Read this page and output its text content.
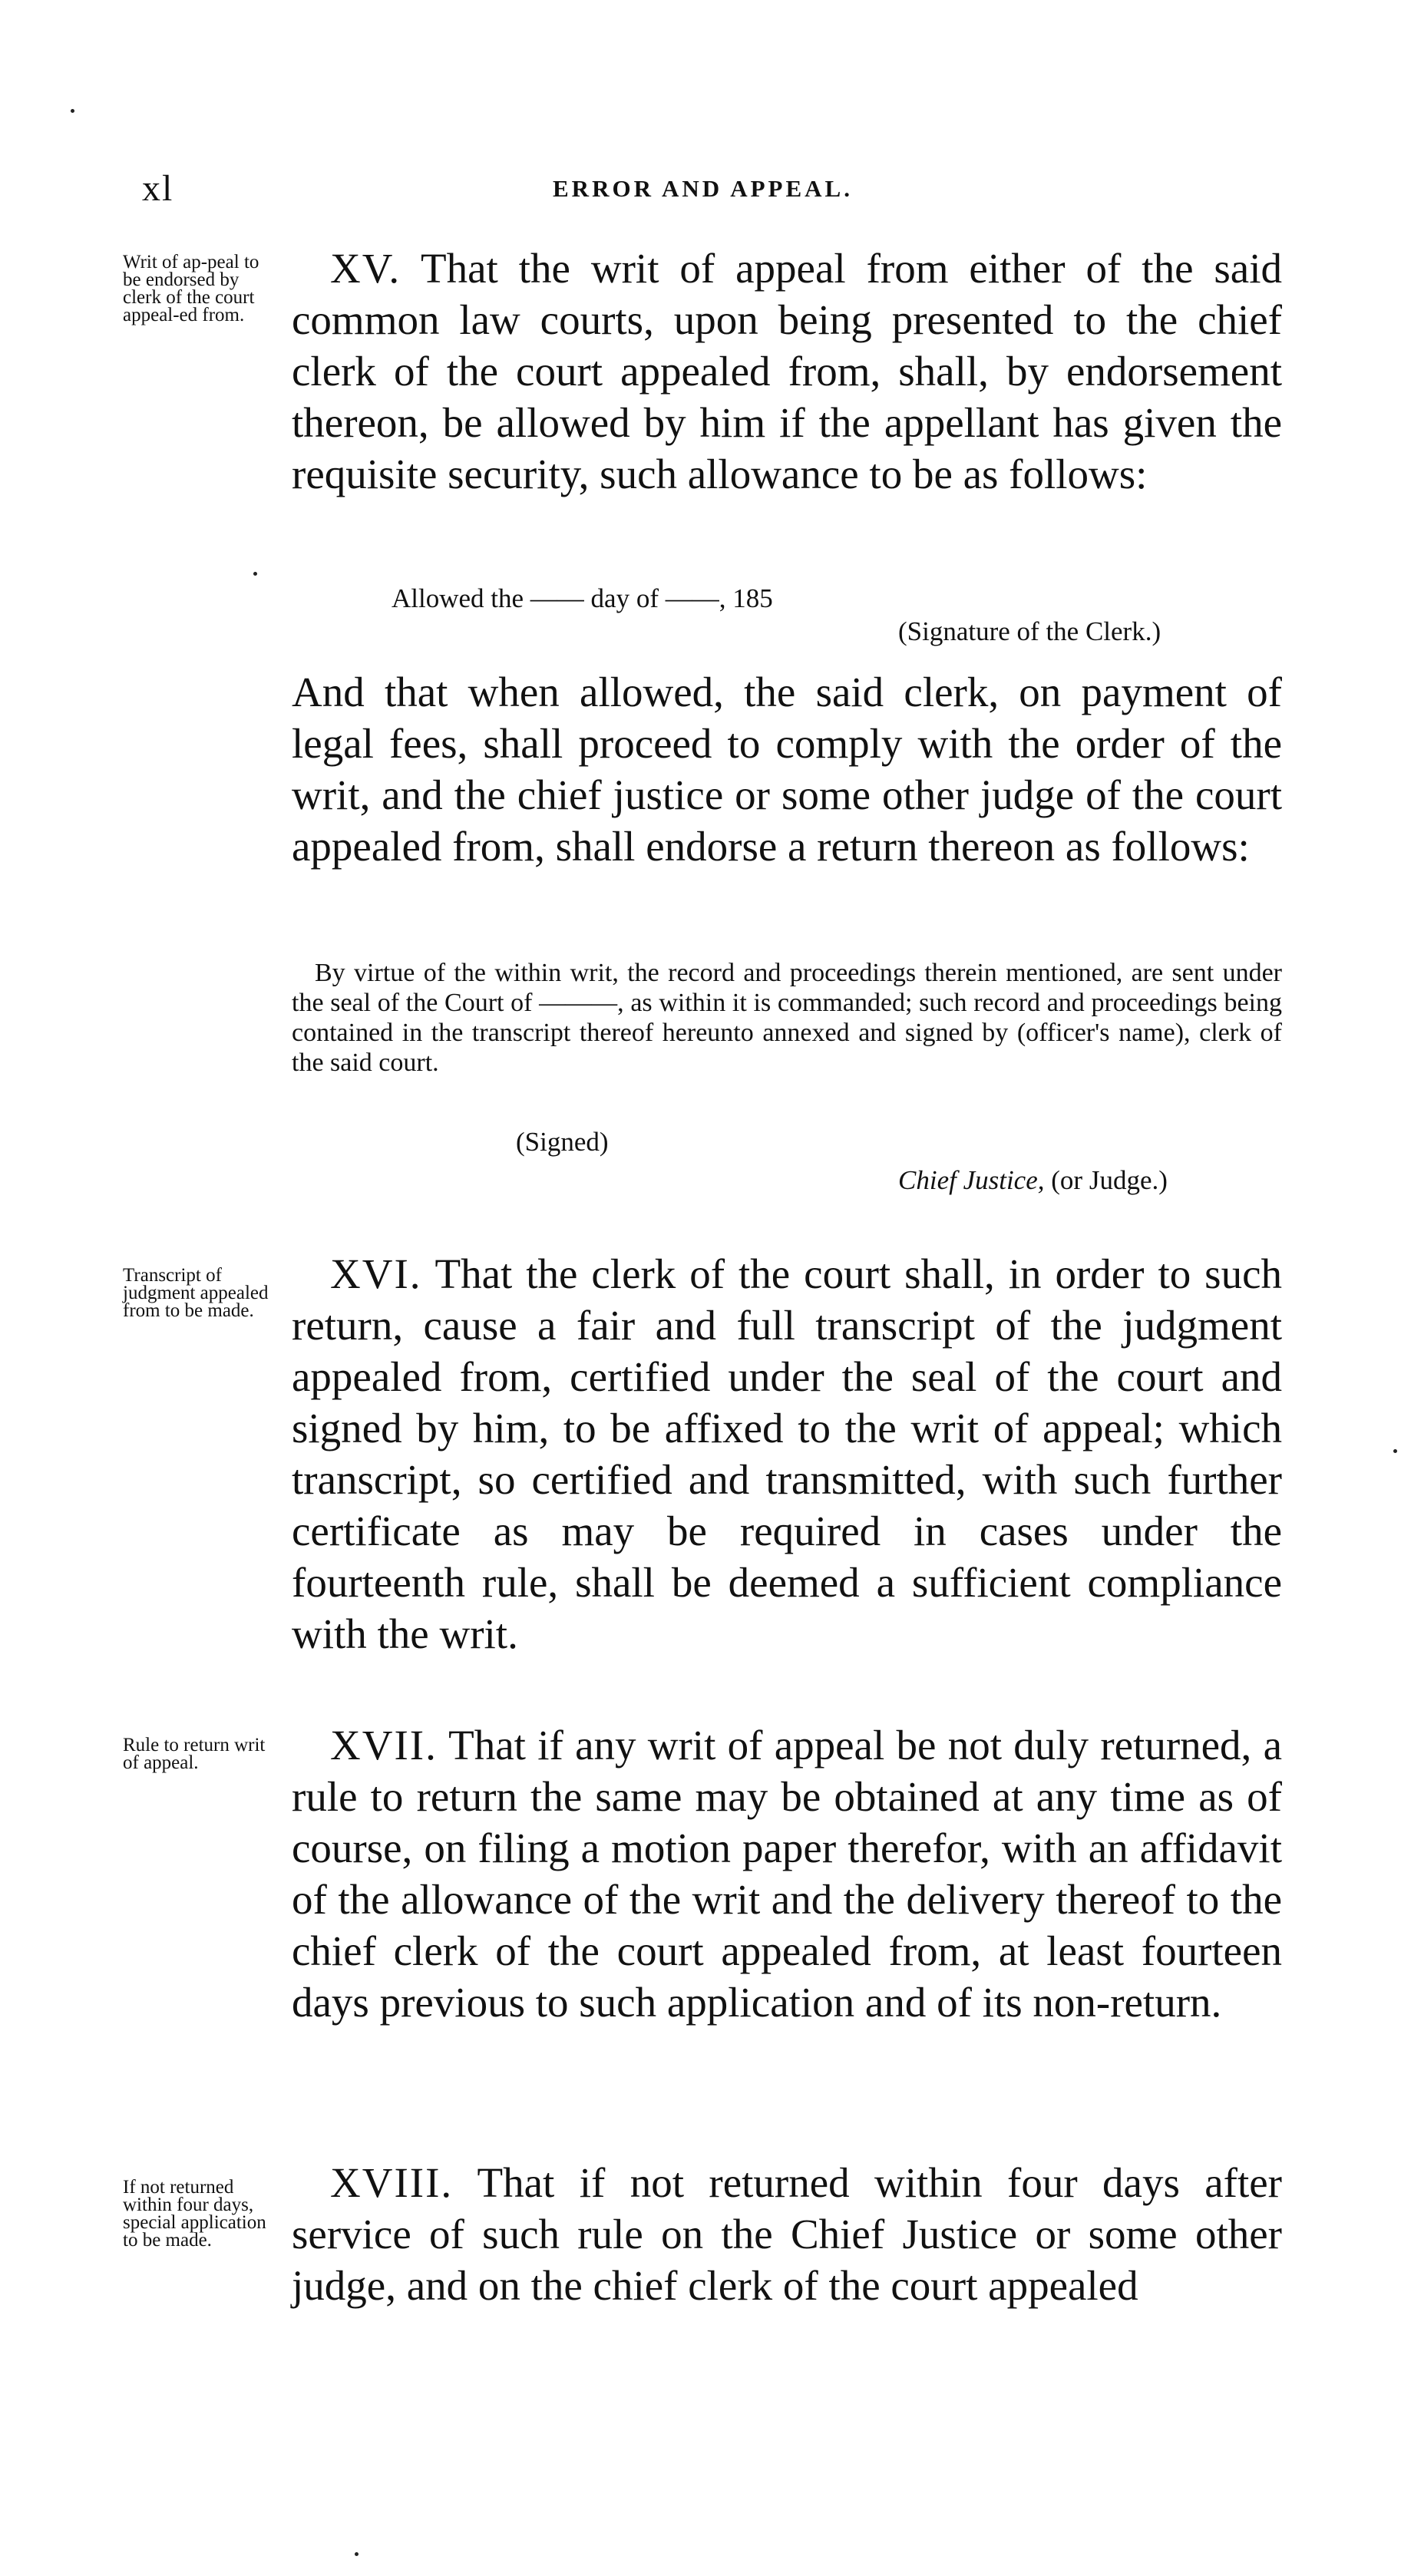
xl	ERROR AND APPEAL.
Writ of ap-peal to be endorsed by clerk of the court appeal-ed from.
XV. That the writ of appeal from either of the said common law courts, upon being presented to the chief clerk of the court appealed from, shall, by endorsement thereon, be allowed by him if the appellant has given the requisite security, such allowance to be as follows:
Allowed the —— day of ——, 185
(Signature of the Clerk.)
And that when allowed, the said clerk, on payment of legal fees, shall proceed to comply with the order of the writ, and the chief justice or some other judge of the court appealed from, shall endorse a return thereon as follows:
By virtue of the within writ, the record and proceedings therein mentioned, are sent under the seal of the Court of ———, as within it is commanded; such record and proceedings being contained in the transcript thereof hereunto annexed and signed by (officer's name), clerk of the said court.
(Signed)
Chief Justice, (or Judge.)
Transcript of judgment appealed from to be made.
XVI. That the clerk of the court shall, in order to such return, cause a fair and full transcript of the judgment appealed from, certified under the seal of the court and signed by him, to be affixed to the writ of appeal; which transcript, so certified and transmitted, with such further certificate as may be required in cases under the fourteenth rule, shall be deemed a sufficient compliance with the writ.
Rule to return writ of appeal.	XVII. That if any writ of appeal be not duly returned, a rule to return the same may be obtained at any time as of course, on filing a motion paper therefor, with an affidavit of the allowance of the writ and the delivery thereof to the chief clerk of the court appealed from, at least fourteen days previous to such application and of its non-return.
If not returned within four days, special application to be made.
XVIII. That if not returned within four days after service of such rule on the Chief Justice or some other judge, and on the chief clerk of the court appealed
